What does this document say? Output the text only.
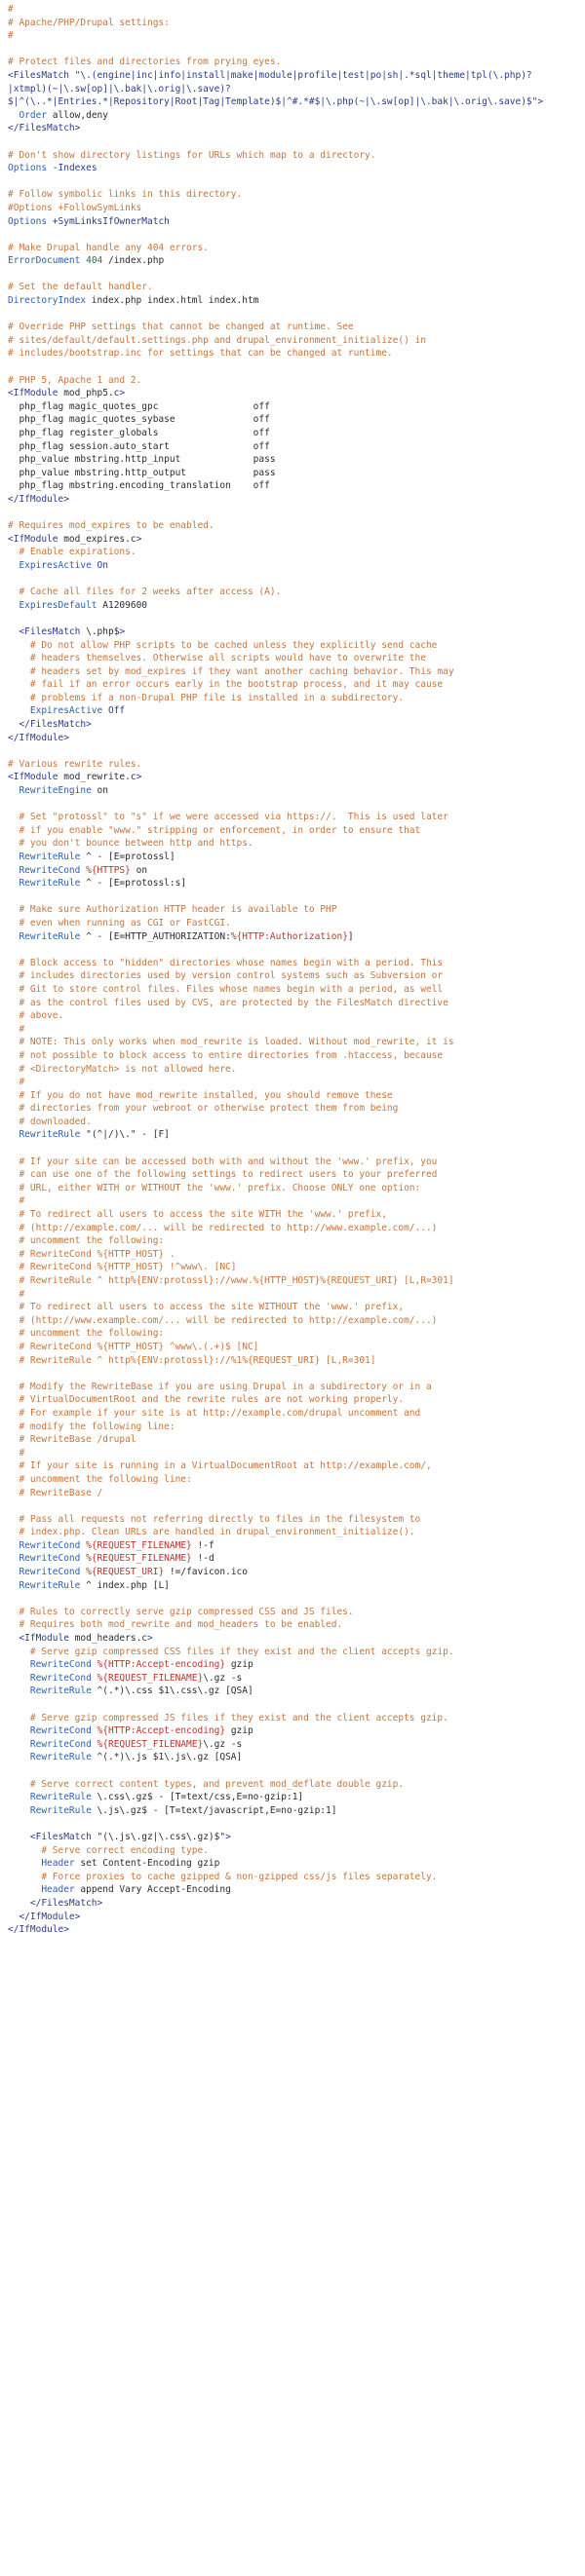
#
# Apache/PHP/Drupal settings:
#
# Protect files and directories from prying eyes.
<FilesMatch "\.(engine|inc|info|install|make|module|profile|test|po|sh|.*sql|theme|tpl(\.php)?
|xtmpl)(~|\.sw[op]|\.bak|\.orig|\.save)?
$|^(\..*|Entries.*|Repository|Root|Tag|Template)$|^#.*#$|\.php(~|\.sw[op]|\.bak|\.orig\.save)$">
Order allow,deny
</FilesMatch>
# Don't show directory listings for URLs which map to a directory.
Options -Indexes
# Follow symbolic links in this directory.
#Options +FollowSymLinks
Options +SymLinksIfOwnerMatch
# Make Drupal handle any 404 errors.
ErrorDocument 404 /index.php
# Set the default handler.
DirectoryIndex index.php index.html index.htm
# Override PHP settings that cannot be changed at runtime. See
# sites/default/default.settings.php and drupal_environment_initialize() in
# includes/bootstrap.inc for settings that can be changed at runtime.
# PHP 5, Apache 1 and 2.
<IfModule mod_php5.c>
php_flag magic_quotes_gpc                 off
php_flag magic_quotes_sybase              off
php_flag register_globals                 off
php_flag session.auto_start               off
php_value mbstring.http_input             pass
php_value mbstring.http_output            pass
php_flag mbstring.encoding_translation    off
</IfModule>
# Requires mod_expires to be enabled.
<IfModule mod_expires.c>
# Enable expirations.
ExpiresActive On
# Cache all files for 2 weeks after access (A).
ExpiresDefault A1209600
<FilesMatch \.php$>
# Do not allow PHP scripts to be cached unless they explicitly send cache
# headers themselves. Otherwise all scripts would have to overwrite the
# headers set by mod_expires if they want another caching behavior. This may
# fail if an error occurs early in the bootstrap process, and it may cause
# problems if a non-Drupal PHP file is installed in a subdirectory.
ExpiresActive Off
</FilesMatch>
</IfModule>
# Various rewrite rules.
<IfModule mod_rewrite.c>
RewriteEngine on
# Set "protossl" to "s" if we were accessed via https://.  This is used later
# if you enable "www." stripping or enforcement, in order to ensure that
# you don't bounce between http and https.
RewriteRule ^ - [E=protossl]
RewriteCond %{HTTPS} on
RewriteRule ^ - [E=protossl:s]
# Make sure Authorization HTTP header is available to PHP
# even when running as CGI or FastCGI.
RewriteRule ^ - [E=HTTP_AUTHORIZATION:%{HTTP:Authorization}]
# Block access to "hidden" directories whose names begin with a period. This
# includes directories used by version control systems such as Subversion or
# Git to store control files. Files whose names begin with a period, as well
# as the control files used by CVS, are protected by the FilesMatch directive
# above.
#
# NOTE: This only works when mod_rewrite is loaded. Without mod_rewrite, it is
# not possible to block access to entire directories from .htaccess, because
# <DirectoryMatch> is not allowed here.
#
# If you do not have mod_rewrite installed, you should remove these
# directories from your webroot or otherwise protect them from being
# downloaded.
RewriteRule "(^|/)\." - [F]
# If your site can be accessed both with and without the 'www.' prefix, you
# can use one of the following settings to redirect users to your preferred
# URL, either WITH or WITHOUT the 'www.' prefix. Choose ONLY one option:
#
# To redirect all users to access the site WITH the 'www.' prefix,
# (http://example.com/... will be redirected to http://www.example.com/...)
# uncomment the following:
# RewriteCond %{HTTP_HOST} .
# RewriteCond %{HTTP_HOST} !^www\. [NC]
# RewriteRule ^ http%{ENV:protossl}://www.%{HTTP_HOST}%{REQUEST_URI} [L,R=301]
#
# To redirect all users to access the site WITHOUT the 'www.' prefix,
# (http://www.example.com/... will be redirected to http://example.com/...)
# uncomment the following:
# RewriteCond %{HTTP_HOST} ^www\.(.+)$ [NC]
# RewriteRule ^ http%{ENV:protossl}://%1%{REQUEST_URI} [L,R=301]
# Modify the RewriteBase if you are using Drupal in a subdirectory or in a
# VirtualDocumentRoot and the rewrite rules are not working properly.
# For example if your site is at http://example.com/drupal uncomment and
# modify the following line:
# RewriteBase /drupal
#
# If your site is running in a VirtualDocumentRoot at http://example.com/,
# uncomment the following line:
# RewriteBase /
# Pass all requests not referring directly to files in the filesystem to
# index.php. Clean URLs are handled in drupal_environment_initialize().
RewriteCond %{REQUEST_FILENAME} !-f
RewriteCond %{REQUEST_FILENAME} !-d
RewriteCond %{REQUEST_URI} !=/favicon.ico
RewriteRule ^ index.php [L]
# Rules to correctly serve gzip compressed CSS and JS files.
# Requires both mod_rewrite and mod_headers to be enabled.
<IfModule mod_headers.c>
# Serve gzip compressed CSS files if they exist and the client accepts gzip.
RewriteCond %{HTTP:Accept-encoding} gzip
RewriteCond %{REQUEST_FILENAME}\.gz -s
RewriteRule ^(.*)\.css $1\.css\.gz [QSA]
# Serve gzip compressed JS files if they exist and the client accepts gzip.
RewriteCond %{HTTP:Accept-encoding} gzip
RewriteCond %{REQUEST_FILENAME}\.gz -s
RewriteRule ^(.*)\.js $1\.js\.gz [QSA]
# Serve correct content types, and prevent mod_deflate double gzip.
RewriteRule \.css\.gz$ - [T=text/css,E=no-gzip:1]
RewriteRule \.js\.gz$ - [T=text/javascript,E=no-gzip:1]
<FilesMatch "(\.js\.gz|\.css\.gz)$">
# Serve correct encoding type.
Header set Content-Encoding gzip
# Force proxies to cache gzipped & non-gzipped css/js files separately.
Header append Vary Accept-Encoding
</FilesMatch>
</IfModule>
</IfModule>
